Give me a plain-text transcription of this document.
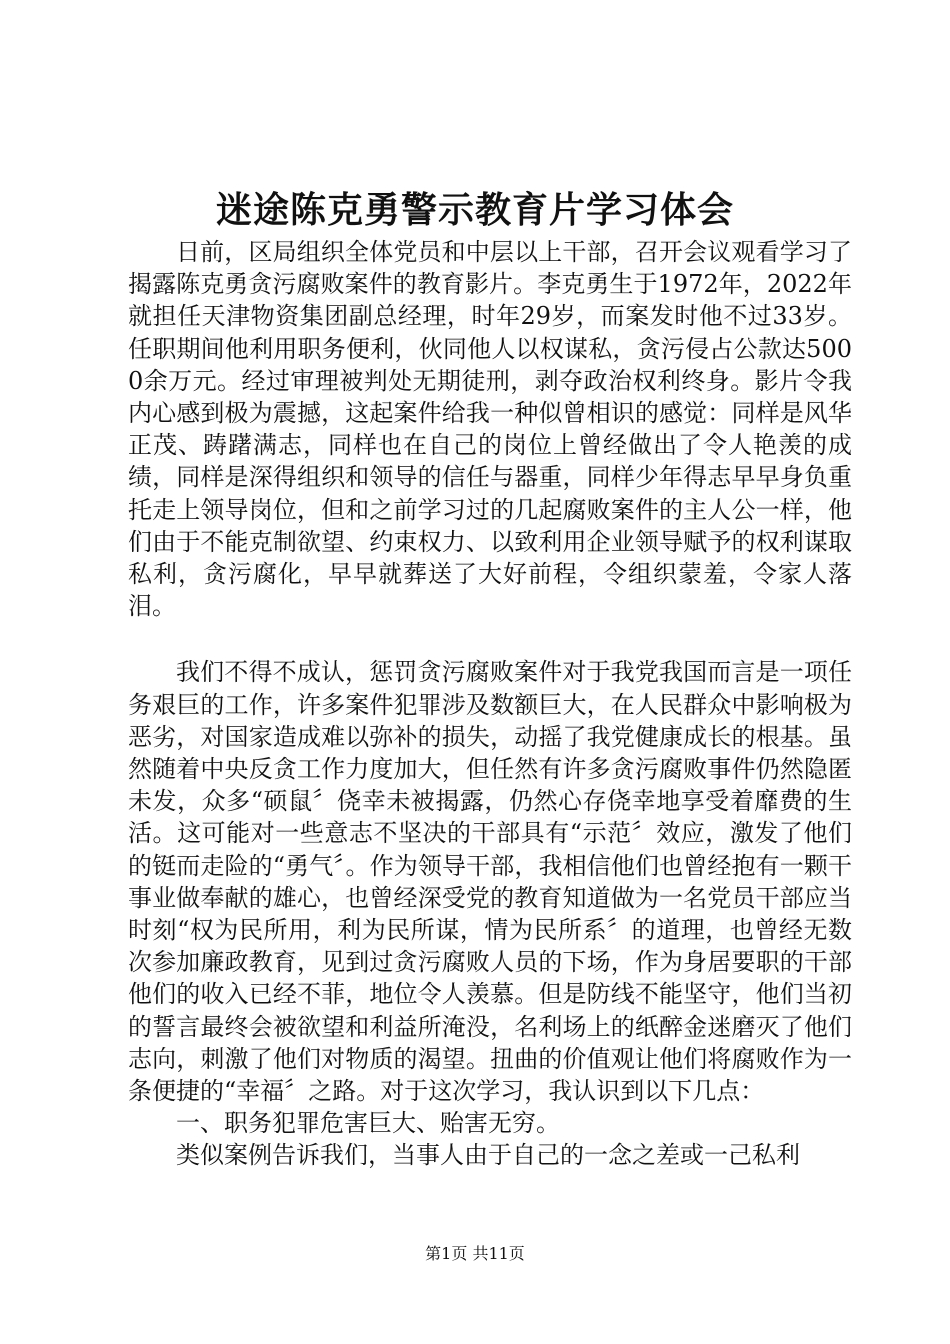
迷途陈克勇警示教育片学习体会

日前，区局组织全体党员和中层以上干部，召开会议观看学习了揭露陈克勇贪污腐败案件的教育影片。李克勇生于1972年，2022年就担任天津物资集团副总经理，时年29岁，而案发时他不过33岁。任职期间他利用职务便利，伙同他人以权谋私，贪污侵占公款达5000余万元。经过审理被判处无期徒刑，剥夺政治权利终身。影片令我内心感到极为震撼，这起案件给我一种似曾相识的感觉：同样是风华正茂、踌躇满志，同样也在自己的岗位上曾经做出了令人艳羡的成绩，同样是深得组织和领导的信任与器重，同样少年得志早早身负重托走上领导岗位，但和之前学习过的几起腐败案件的主人公一样，他们由于不能克制欲望、约束权力、以致利用企业领导赋予的权利谋取私利，贪污腐化，早早就葬送了大好前程，令组织蒙羞，令家人落泪。

我们不得不成认，惩罚贪污腐败案件对于我党我国而言是一项任务艰巨的工作，许多案件犯罪涉及数额巨大，在人民群众中影响极为恶劣，对国家造成难以弥补的损失，动摇了我党健康成长的根基。虽然随着中央反贪工作力度加大，但任然有许多贪污腐败事件仍然隐匿未发，众多“硕鼠〞侥幸未被揭露，仍然心存侥幸地享受着靡费的生活。这可能对一些意志不坚决的干部具有“示范〞效应，激发了他们的铤而走险的“勇气〞。作为领导干部，我相信他们也曾经抱有一颗干事业做奉献的雄心，也曾经深受党的教育知道做为一名党员干部应当时刻“权为民所用，利为民所谋，情为民所系〞的道理，也曾经无数次参加廉政教育，见到过贪污腐败人员的下场，作为身居要职的干部他们的收入已经不菲，地位令人羡慕。但是防线不能坚守，他们当初的誓言最终会被欲望和利益所淹没，名利场上的纸醉金迷磨灭了他们志向，刺激了他们对物质的渴望。扭曲的价值观让他们将腐败作为一条便捷的“幸福〞之路。对于这次学习，我认识到以下几点：

一、职务犯罪危害巨大、贻害无穷。

类似案例告诉我们，当事人由于自己的一念之差或一己私利

第1页 共11页
